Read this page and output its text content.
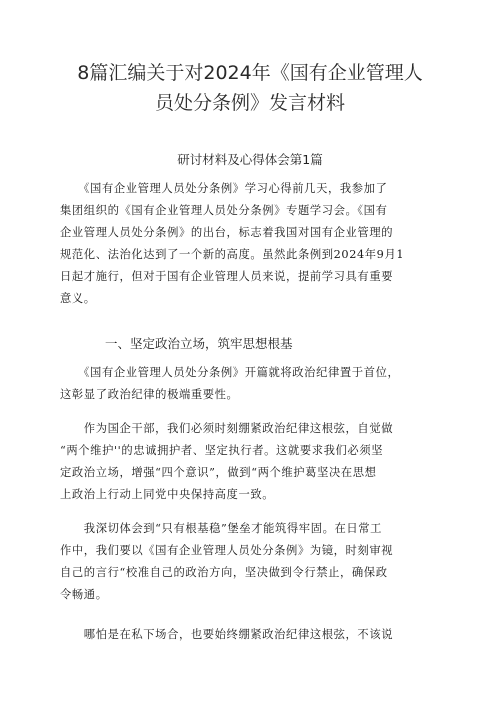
8篇汇编关于对2024年《国有企业管理人
员处分条例》发言材料
研讨材料及心得体会第1篇

　　《国有企业管理人员处分条例》学习心得前几天，我参加了
集团组织的《国有企业管理人员处分条例》专题学习会。《国有
企业管理人员处分条例》的出台，标志着我国对国有企业管理的
规范化、法治化达到了一个新的高度。虽然此条例到2024年9月1
日起才施行，但对于国有企业管理人员来说，提前学习具有重要
意义。

一、坚定政治立场，筑牢思想根基

　　《国有企业管理人员处分条例》开篇就将政治纪律置于首位，
这彰显了政治纪律的极端重要性。

　　作为国企干部，我们必须时刻绷紧政治纪律这根弦，自觉做
“两个维护''的忠诚拥护者、坚定执行者。这就要求我们必须坚
定政治立场，增强“四个意识”，做到“两个维护葛坚决在思想
上政治上行动上同党中央保持高度一致。

　　我深切体会到“只有根基稳”堡垒才能筑得牢固。在日常工
作中，我们要以《国有企业管理人员处分条例》为镜，时刻审视
自己的言行“校准自己的政治方向，坚决做到令行禁止，确保政
令畅通。

　　哪怕是在私下场合，也要始终绷紧政治纪律这根弦，不该说
